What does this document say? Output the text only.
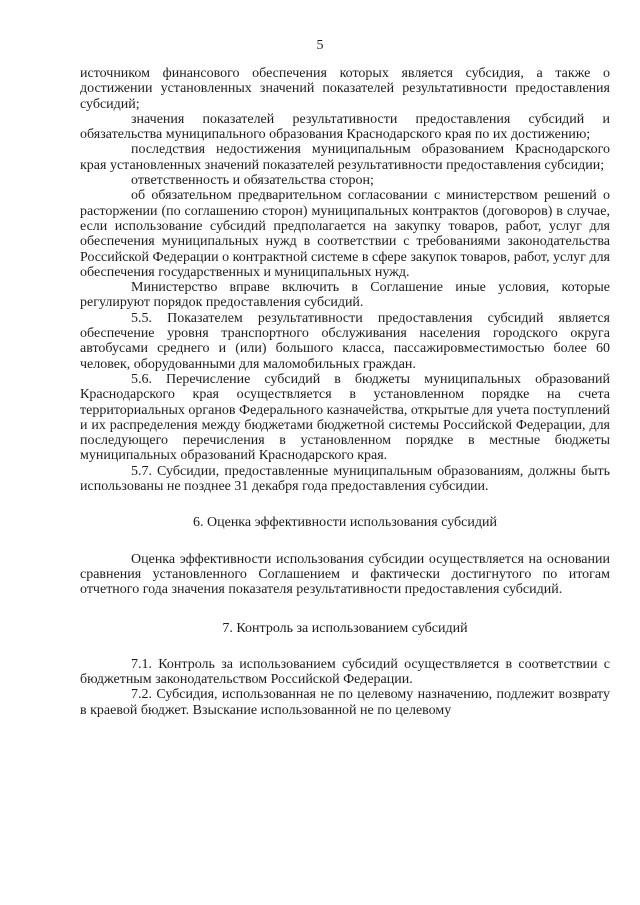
5

источником финансового обеспечения которых является субсидия, а также о достижении установленных значений показателей результативности предоставления субсидий;

значения показателей результативности предоставления субсидий и обязательства муниципального образования Краснодарского края по их достижению;

последствия недостижения муниципальным образованием Краснодарского края установленных значений показателей результативности предоставления субсидии;

ответственность и обязательства сторон;

об обязательном предварительном согласовании с министерством решений о расторжении (по соглашению сторон) муниципальных контрактов (договоров) в случае, если использование субсидий предполагается на закупку товаров, работ, услуг для обеспечения муниципальных нужд в соответствии с требованиями законодательства Российской Федерации о контрактной системе в сфере закупок товаров, работ, услуг для обеспечения государственных и муниципальных нужд.

Министерство вправе включить в Соглашение иные условия, которые регулируют порядок предоставления субсидий.

5.5. Показателем результативности предоставления субсидий является обеспечение уровня транспортного обслуживания населения городского округа автобусами среднего и (или) большого класса, пассажировместимостью более 60 человек, оборудованными для маломобильных граждан.

5.6. Перечисление субсидий в бюджеты муниципальных образований Краснодарского края осуществляется в установленном порядке на счета территориальных органов Федерального казначейства, открытые для учета поступлений и их распределения между бюджетами бюджетной системы Российской Федерации, для последующего перечисления в установленном порядке в местные бюджеты муниципальных образований Краснодарского края.

5.7. Субсидии, предоставленные муниципальным образованиям, должны быть использованы не позднее 31 декабря года предоставления субсидии.

6. Оценка эффективности использования субсидий

Оценка эффективности использования субсидии осуществляется на основании сравнения установленного Соглашением и фактически достигнутого по итогам отчетного года значения показателя результативности предоставления субсидий.

7. Контроль за использованием субсидий

7.1. Контроль за использованием субсидий осуществляется в соответствии с бюджетным законодательством Российской Федерации.

7.2. Субсидия, использованная не по целевому назначению, подлежит возврату в краевой бюджет. Взыскание использованной не по целевому
